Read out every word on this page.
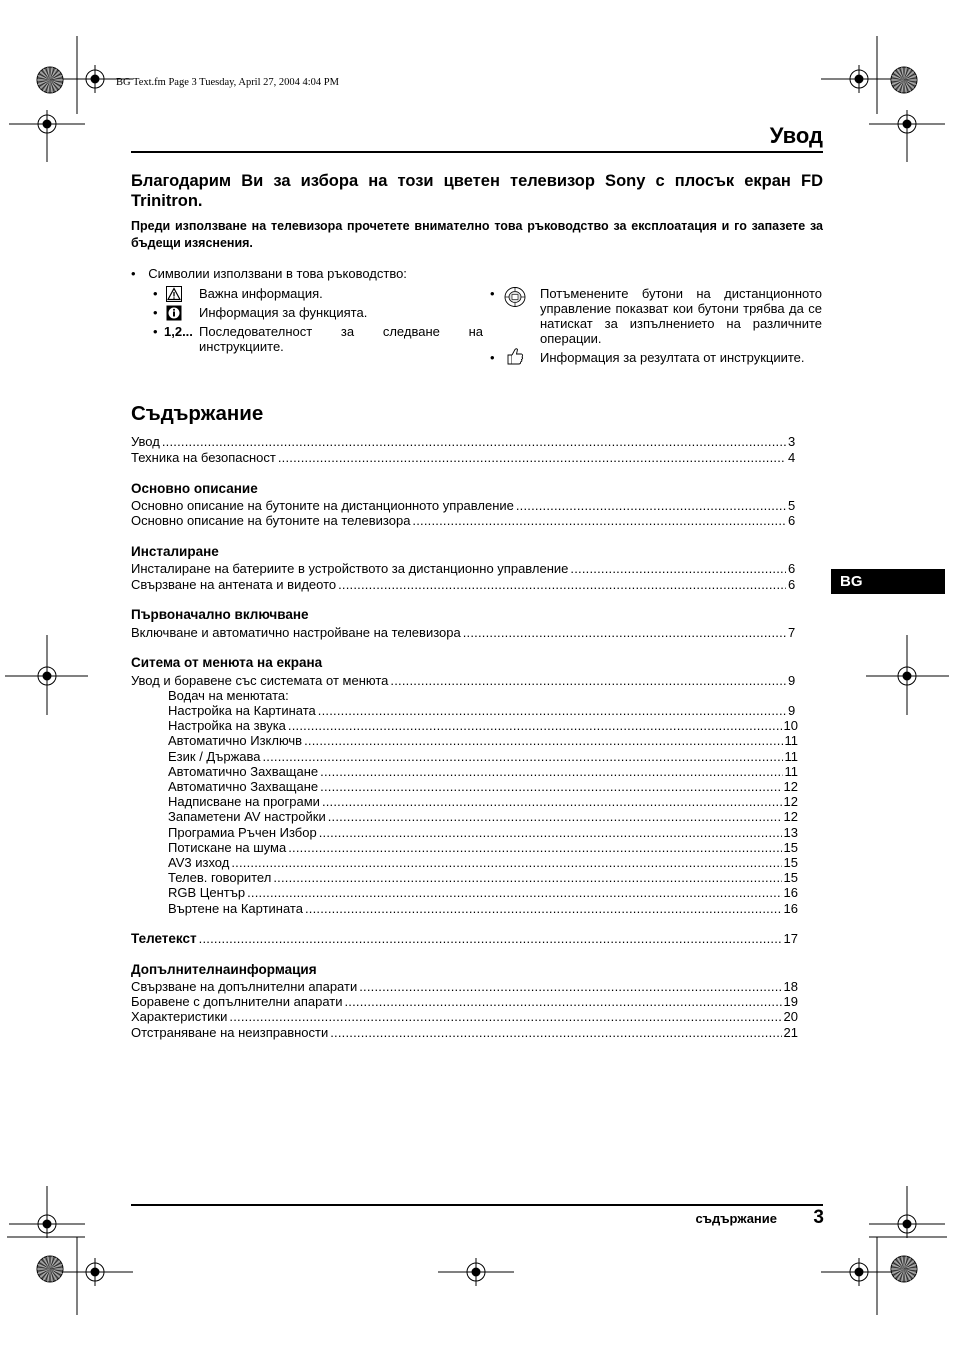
BG Text.fm Page 3 Tuesday, April 27, 2004 4:04 PM
Увод
Благодарим Ви за избора на този цветен телевизор Sony с плосък екран FD Trinitron.
Преди използване на телевизора прочетете внимателно това ръководство за експлоатация и го запазете за бъдещи изяснения.
• Символии използвани в това ръководство:
•	Важна информация.
•	Информация за функцията.
• 1,2... Последователност за следване на инструкциите.
•	Потъменените бутони на дистанционното управление показват кои бутони трябва да се натискат за изпълнението на различните операции.
•	Информация за резултата от инструкциите.
Съдържание
Увод .....	3
Техника на безопасност .....	4
Основно описание
Основно описание на бутоните на дистанционното управление .....	5
Основно описание на бутоните на телевизора .....	6
Инсталиране
Инсталиране на батериите в устройството за дистанционно управление .....	6
Свързване на антената и видеото .....	6
Първоначално включване
Включване и автоматично настройване на телевизора .....	7
Ситема от менюта на екрана
Увод и боравене със системата от менюта .....	9
Водач на менютата:
Настройка на Картината .....	9
Настройка на звука .....	10
Автоматично Изключв .....	11
Език / Държава .....	11
Автоматично Захващане .....	11
Автоматично Захващане .....	12
Надписване на програми .....	12
Запаметени AV настройки .....	12
Програмиа Ръчен Избор .....	13
Потискане на шума .....	15
AV3 изход .....	15
Телев. говорител .....	15
RGB Център .....	16
Въртене на Картината .....	16
Телетекст .....	17
Допълнителнаинформация
Свързване на допълнителни апарати .....	18
Боравене с допълнителни апарати .....	19
Характеристики .....	20
Отстраняване на неизправности .....	21
BG
съдържание 3
